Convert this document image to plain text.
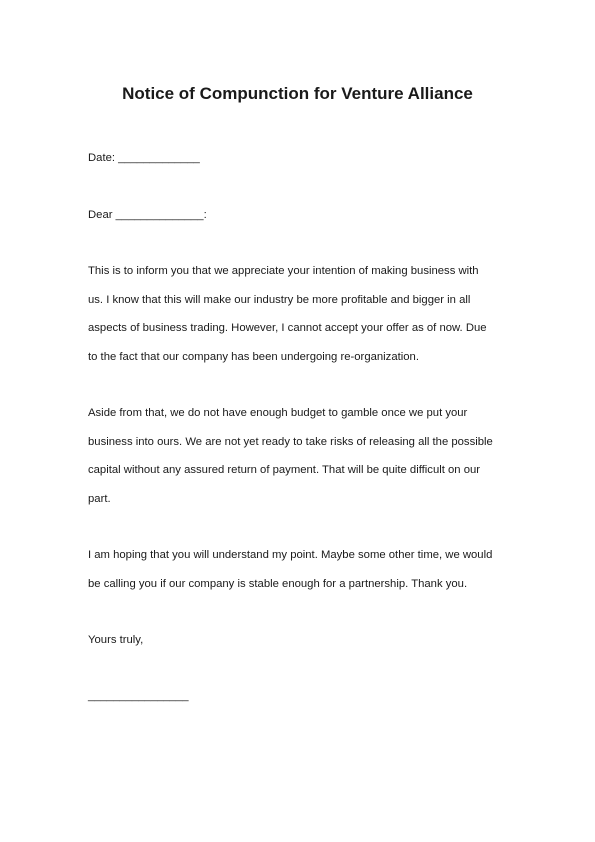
Notice of Compunction for Venture Alliance
Date: _____________
Dear ______________:
This is to inform you that we appreciate your intention of making business with
us. I know that this will make our industry be more profitable and bigger in all
aspects of business trading. However, I cannot accept your offer as of now. Due
to the fact that our company has been undergoing re-organization.
Aside from that, we do not have enough budget to gamble once we put your
business into ours. We are not yet ready to take risks of releasing all the possible
capital without any assured return of payment. That will be quite difficult on our
part.
I am hoping that you will understand my point. Maybe some other time, we would
be calling you if our company is stable enough for a partnership. Thank you.
Yours truly,
________________
